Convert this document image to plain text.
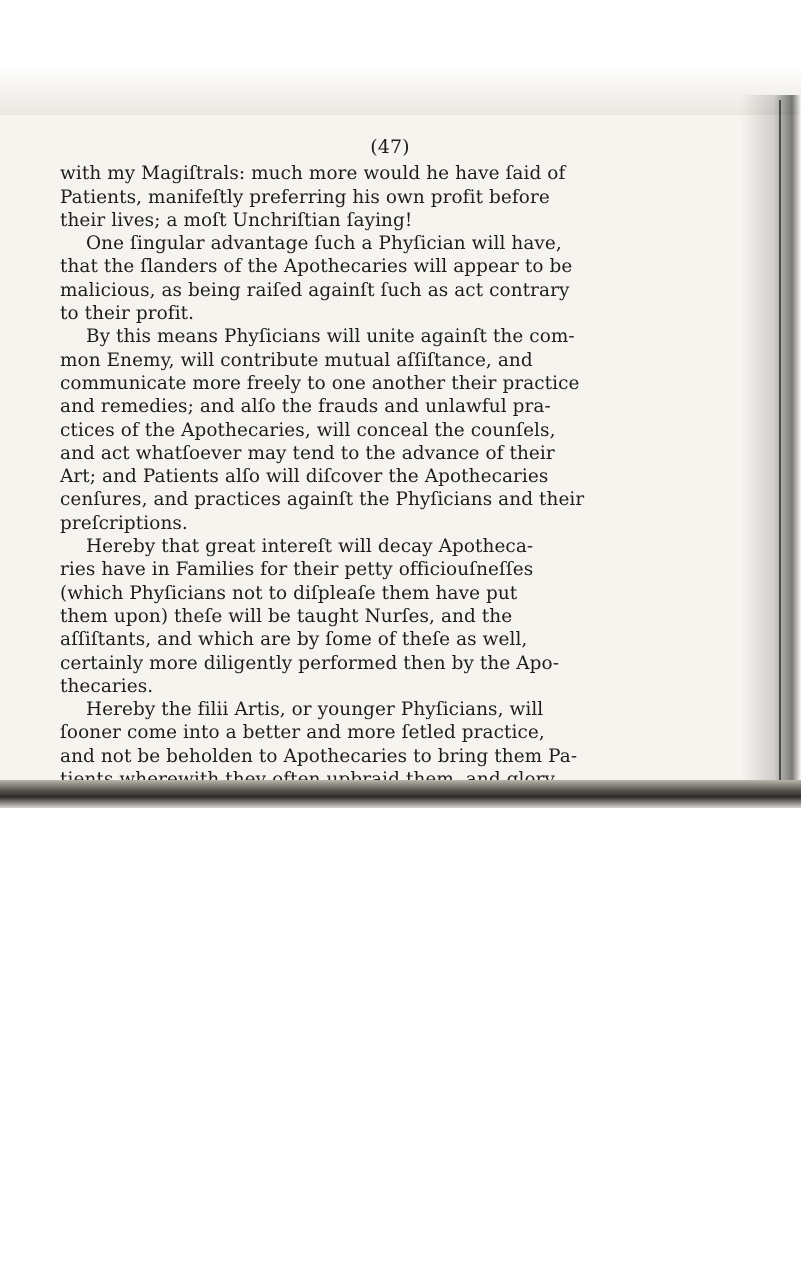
(47)
with my Magiſtrals: much more would he have ſaid of
Patients, manifeſtly preferring his own profit before
their lives; a moſt Unchriſtian ſaying!
One ſingular advantage ſuch a Phyſician will have,
that the ſlanders of the Apothecaries will appear to be
malicious, as being raiſed againſt ſuch as act contrary
to their profit.
By this means Phyſicians will unite againſt the com-
mon Enemy, will contribute mutual aſſiſtance, and
communicate more freely to one another their practice
and remedies; and alſo the frauds and unlawful pra-
ctices of the Apothecaries, will conceal the counſels,
and act whatſoever may tend to the advance of their
Art; and Patients alſo will diſcover the Apothecaries
cenſures, and practices againſt the Phyſicians and their
preſcriptions.
Hereby that great intereſt will decay Apotheca-
ries have in Families for their petty officiouſneſſes
(which Phyſicians not to diſpleaſe them have put
them upon) theſe will be taught Nurſes, and the
aſſiſtants, and which are by ſome of theſe as well,
certainly more diligently performed then by the Apo-
thecaries.
Hereby the filii Artis, or younger Phyſicians, will
ſooner come into a better and more ſetled practice,
and not be beholden to Apothecaries to bring them Pa-
